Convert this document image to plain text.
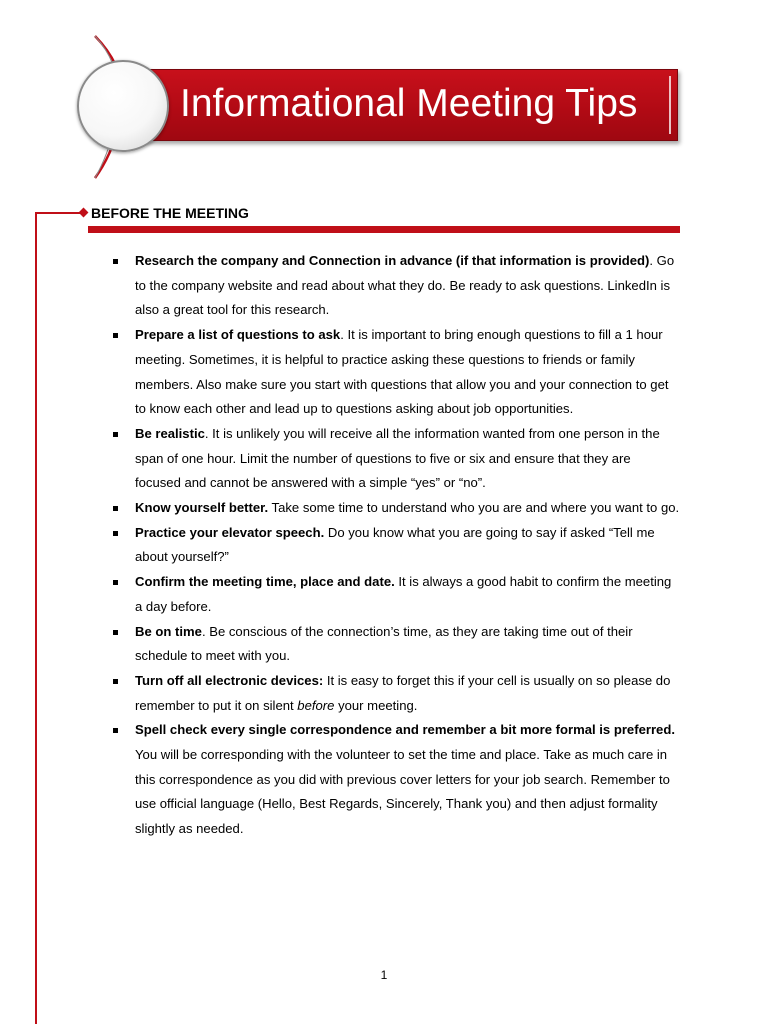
Informational Meeting Tips
BEFORE THE MEETING
Research the company and Connection in advance (if that information is provided). Go to the company website and read about what they do. Be ready to ask questions. LinkedIn is also a great tool for this research.
Prepare a list of questions to ask. It is important to bring enough questions to fill a 1 hour meeting. Sometimes, it is helpful to practice asking these questions to friends or family members. Also make sure you start with questions that allow you and your connection to get to know each other and lead up to questions asking about job opportunities.
Be realistic. It is unlikely you will receive all the information wanted from one person in the span of one hour. Limit the number of questions to five or six and ensure that they are focused and cannot be answered with a simple “yes” or “no”.
Know yourself better. Take some time to understand who you are and where you want to go.
Practice your elevator speech. Do you know what you are going to say if asked “Tell me about yourself?”
Confirm the meeting time, place and date. It is always a good habit to confirm the meeting a day before.
Be on time. Be conscious of the connection’s time, as they are taking time out of their schedule to meet with you.
Turn off all electronic devices: It is easy to forget this if your cell is usually on so please do remember to put it on silent before your meeting.
Spell check every single correspondence and remember a bit more formal is preferred. You will be corresponding with the volunteer to set the time and place. Take as much care in this correspondence as you did with previous cover letters for your job search. Remember to use official language (Hello, Best Regards, Sincerely, Thank you) and then adjust formality slightly as needed.
1
